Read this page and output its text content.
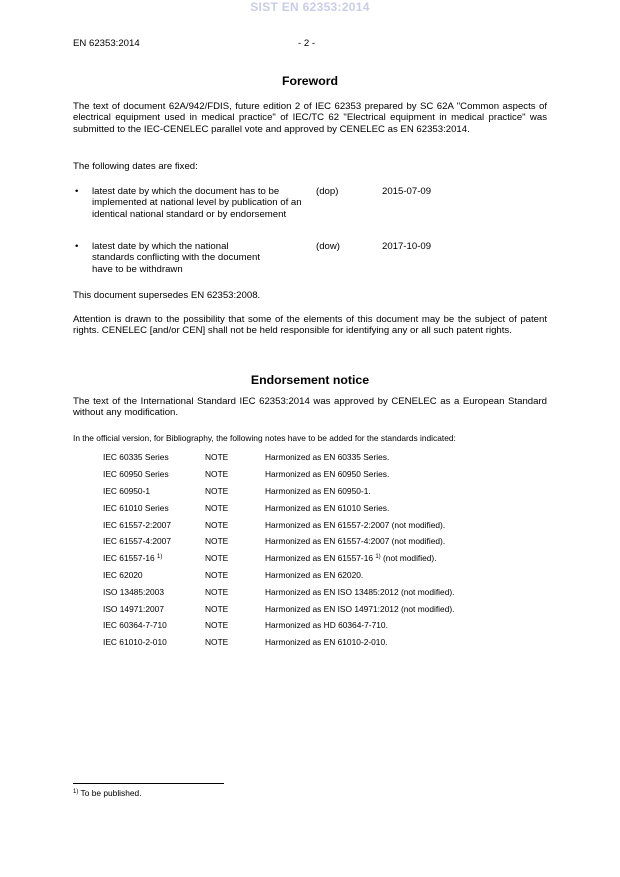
SIST EN 62353:2014
EN 62353:2014	- 2 -
Foreword
The text of document 62A/942/FDIS, future edition 2 of IEC 62353 prepared by SC 62A "Common aspects of electrical equipment used in medical practice" of IEC/TC 62 "Electrical equipment in medical practice" was submitted to the IEC-CENELEC parallel vote and approved by CENELEC as EN 62353:2014.
The following dates are fixed:
• latest date by which the document has to be implemented at national level by publication of an identical national standard or by endorsement
(dop)	2015-07-09
• latest date by which the national standards conflicting with the document have to be withdrawn
(dow)	2017-10-09
This document supersedes EN 62353:2008.
Attention is drawn to the possibility that some of the elements of this document may be the subject of patent rights. CENELEC [and/or CEN] shall not be held responsible for identifying any or all such patent rights.
Endorsement notice
The text of the International Standard IEC 62353:2014 was approved by CENELEC as a European Standard without any modification.
In the official version, for Bibliography, the following notes have to be added for the standards indicated:
IEC 60335 Series	NOTE	Harmonized as EN 60335 Series.
IEC 60950 Series	NOTE	Harmonized as EN 60950 Series.
IEC 60950-1	NOTE	Harmonized as EN 60950-1.
IEC 61010 Series	NOTE	Harmonized as EN 61010 Series.
IEC 61557-2:2007	NOTE	Harmonized as EN 61557-2:2007 (not modified).
IEC 61557-4:2007	NOTE	Harmonized as EN 61557-4:2007 (not modified).
IEC 61557-16 $^{1)}$	NOTE	Harmonized as EN 61557-16 $^{1)}$ (not modified).
IEC 62020	NOTE	Harmonized as EN 62020.
ISO 13485:2003	NOTE	Harmonized as EN ISO 13485:2012 (not modified).
ISO 14971:2007	NOTE	Harmonized as EN ISO 14971:2012 (not modified).
IEC 60364-7-710	NOTE	Harmonized as HD 60364-7-710.
IEC 61010-2-010	NOTE	Harmonized as EN 61010-2-010.
$^{1)}$ To be published.
